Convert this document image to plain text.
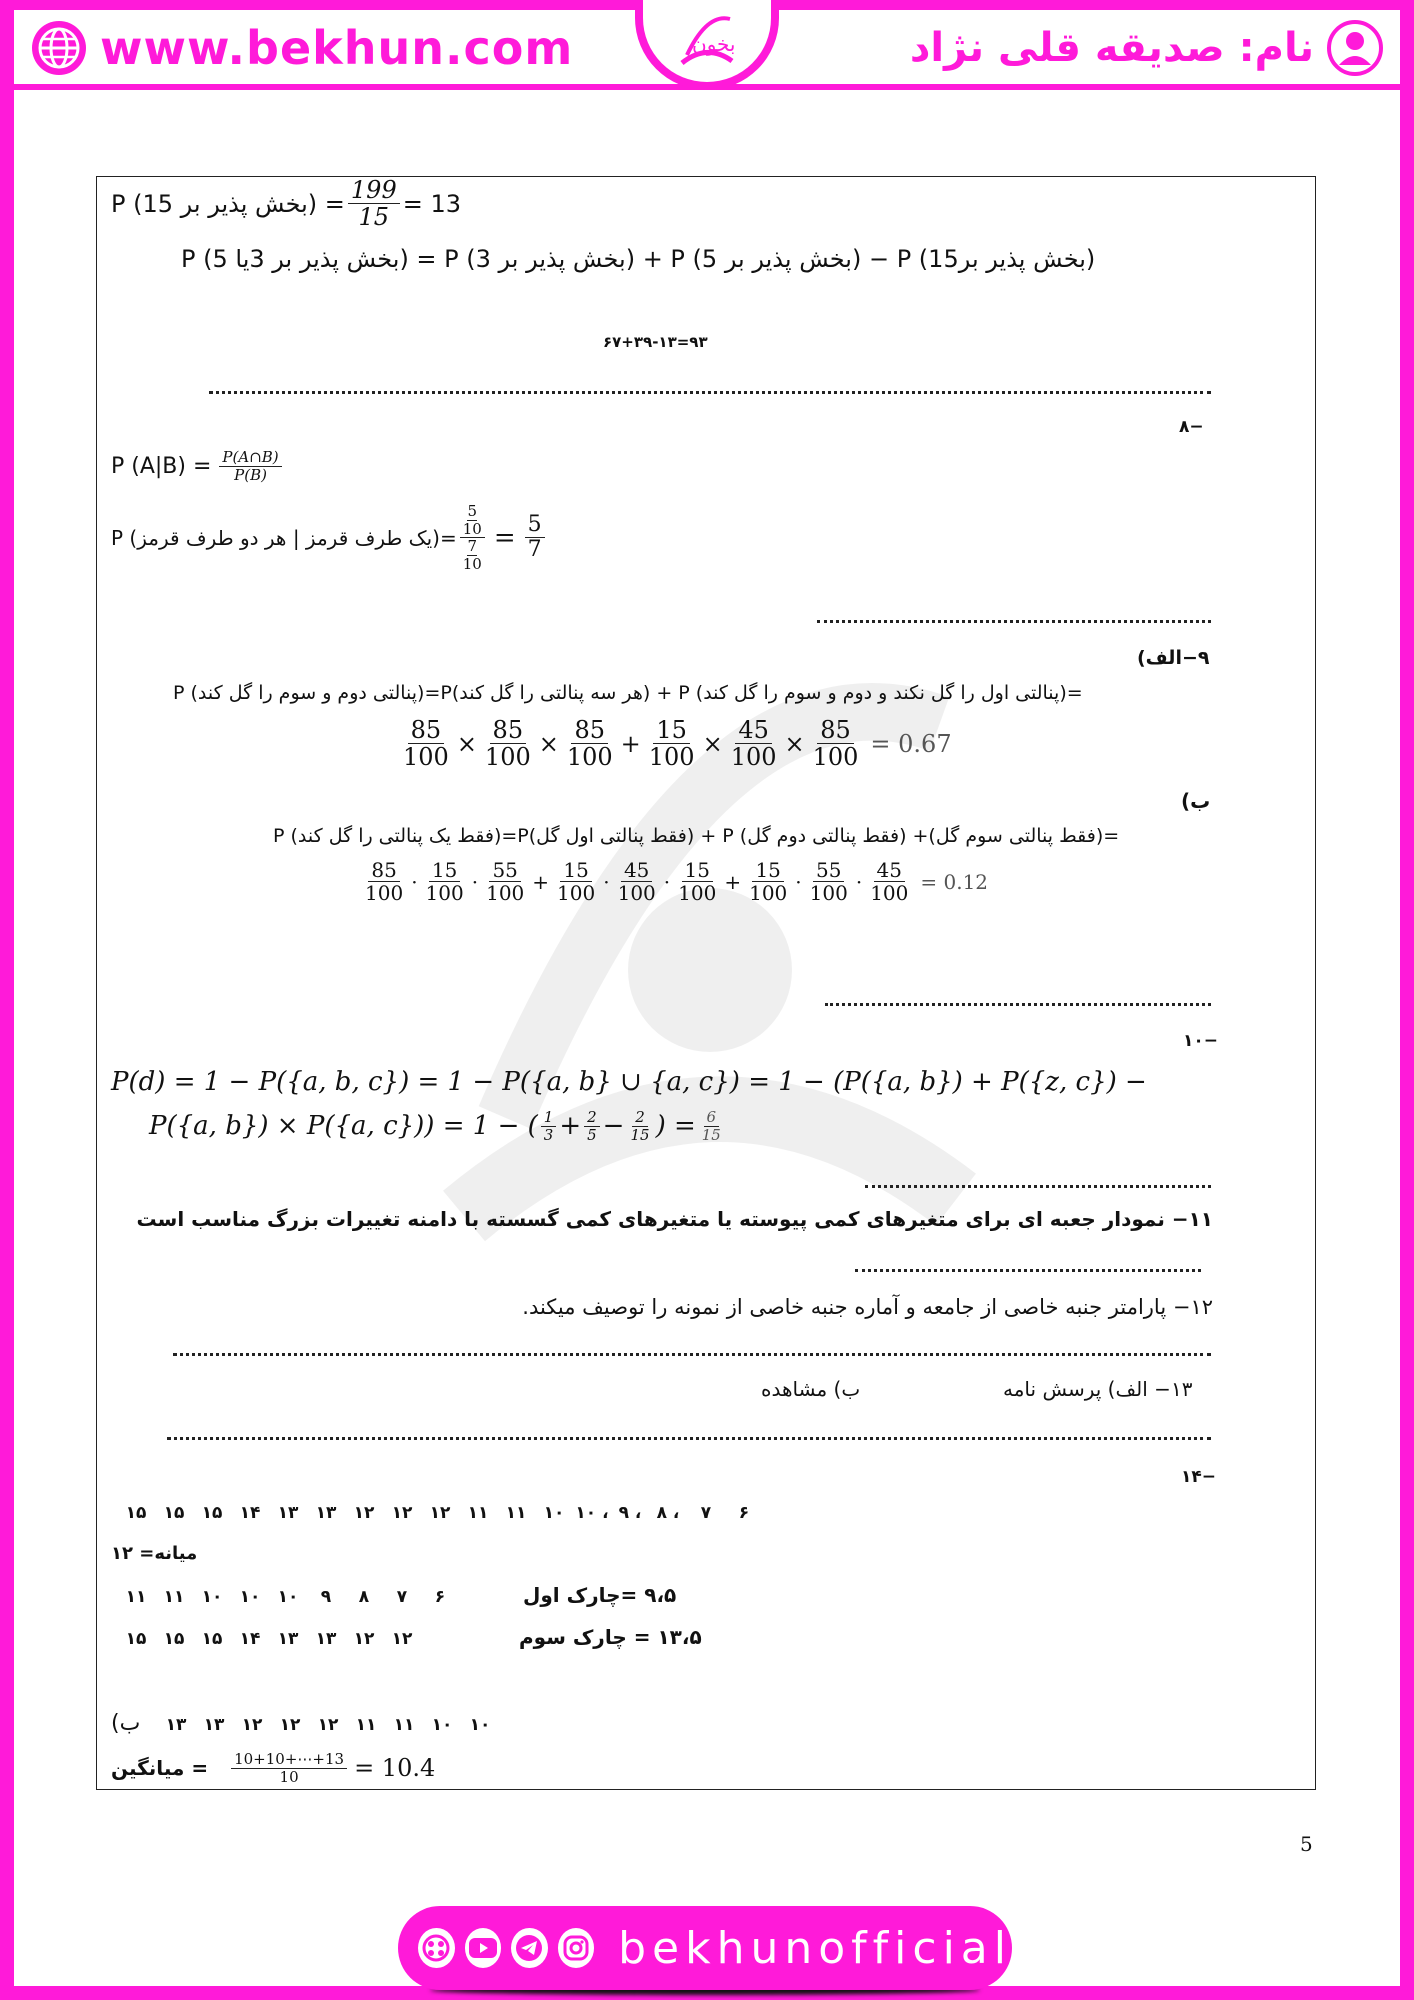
www.bekhun.com	بخون	نام: صدیقه قلی نژاد
P (بخش پذیر بر $15) = \frac{199}{15} = 13$
P (بخش پذیر بر 3یا 5) = P (بخش پذیر بر 3) + P (بخش پذیر بر 5) − P (بخش پذیر بر15)
۶۷+۳۹-۱۳=۹۳
۸−
P $(A|B) = \frac{P(A\cap B)}{P(B)}$
P (یک طرف قرمز | هر دو طرف قرمز)= $\frac{\frac{5}{10}}{\frac{7}{10}} = \frac{5}{7}$
۹−الف)
P (پنالتی دوم و سوم را گل کند)=P(هر سه پنالتی را گل کند) + P (پنالتی اول را گل نکند و دوم و سوم را گل کند)=
$\frac{85}{100} \times \frac{85}{100} \times \frac{85}{100} + \frac{15}{100} \times \frac{45}{100} \times \frac{85}{100} = 0.67$
ب)
P (فقط یک پنالتی را گل کند)=P(فقط پنالتی اول گل) + P (فقط پنالتی دوم گل) +(فقط پنالتی سوم گل)=
$\frac{85}{100} \cdot \frac{15}{100} \cdot \frac{55}{100} + \frac{15}{100} \cdot \frac{45}{100} \cdot \frac{15}{100} + \frac{15}{100} \cdot \frac{55}{100} \cdot \frac{45}{100} = 0.12$
۱۰−
P(d) = 1 − P({a, b, c}) = 1 − P({a, b} ∪ {a, c}) = 1 − (P({a, b}) + P({z, c}) −
P({a, b}) × P({a, c})) = 1 − ( $\frac{1}{3} + \frac{2}{5} - \frac{2}{15}$ ) = $\frac{6}{15}$
۱۱− نمودار جعبه ای برای متغیرهای کمی پیوسته یا متغیرهای کمی گسسته با دامنه تغییرات بزرگ مناسب است
۱۲− پارامتر جنبه خاصی از جامعه و آماره جنبه خاصی از نمونه را توصیف میکند.
۱۳− الف) پرسش نامه
ب) مشاهده
۱۴−
۱۵	۱۵	۱۵	۱۴	۱۳	۱۳	۱۲	۱۲	۱۲	۱۱	۱۱	۱۰ ۱۰ ، ۹ ، ۸ ،	۷	۶
میانه= ۱۲
۱۱	۱۱	۱۰	۱۰	۱۰	۹	۸	۷	۶	۹،۵ =چارک اول
۱۵	۱۵	۱۵	۱۴	۱۳	۱۳	۱۲	۱۲	۱۳،۵ = چارک سوم
ب)	۱۳	۱۳	۱۲	۱۲	۱۲	۱۱	۱۱	۱۰	۱۰
= میانگین $\frac{10+10+\cdots+13}{10} = 10.4$
5
bekhunofficial
